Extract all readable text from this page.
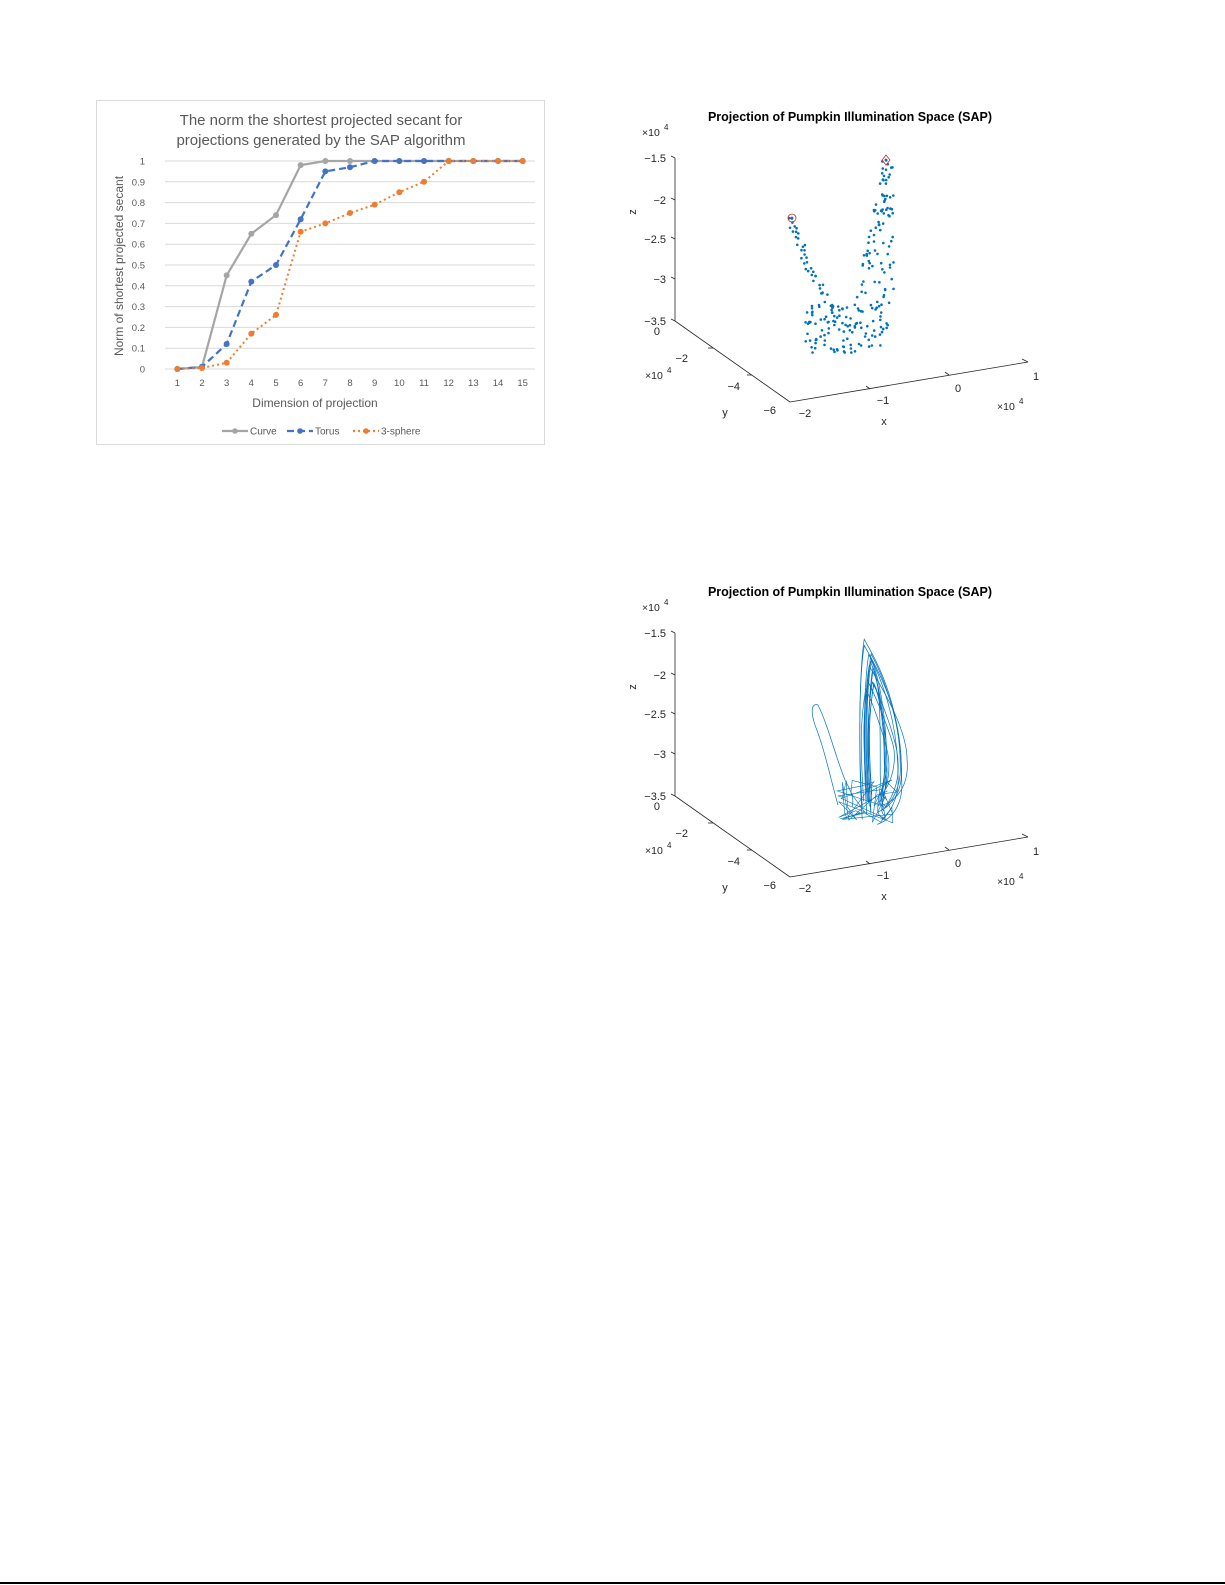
The norm the shortest projected secant for
projections generated by the SAP algorithm
0
0.1
0.2
0.3
0.4
0.5
0.6
0.7
0.8
0.9
1
1 2 3 4 5 6 7 8 9 10 11 12 13 14 15
Dimension of projection
Norm of shortest projected secant
Curve	Torus	3-sphere
Projection of Pumpkin Illumination Space (SAP)
−1.5
−2
−2.5
−3
−3.5
z
×10 4
0
−2
−4
−6
×10 4
y	−2
−1
0
1
×10 4
x
Projection of Pumpkin Illumination Space (SAP)
−1.5
−2
−2.5
−3
−3.5
z
×10 4
0
−2
−4
−6
×10 4
y	−2
−1
0
1
×10 4
x
